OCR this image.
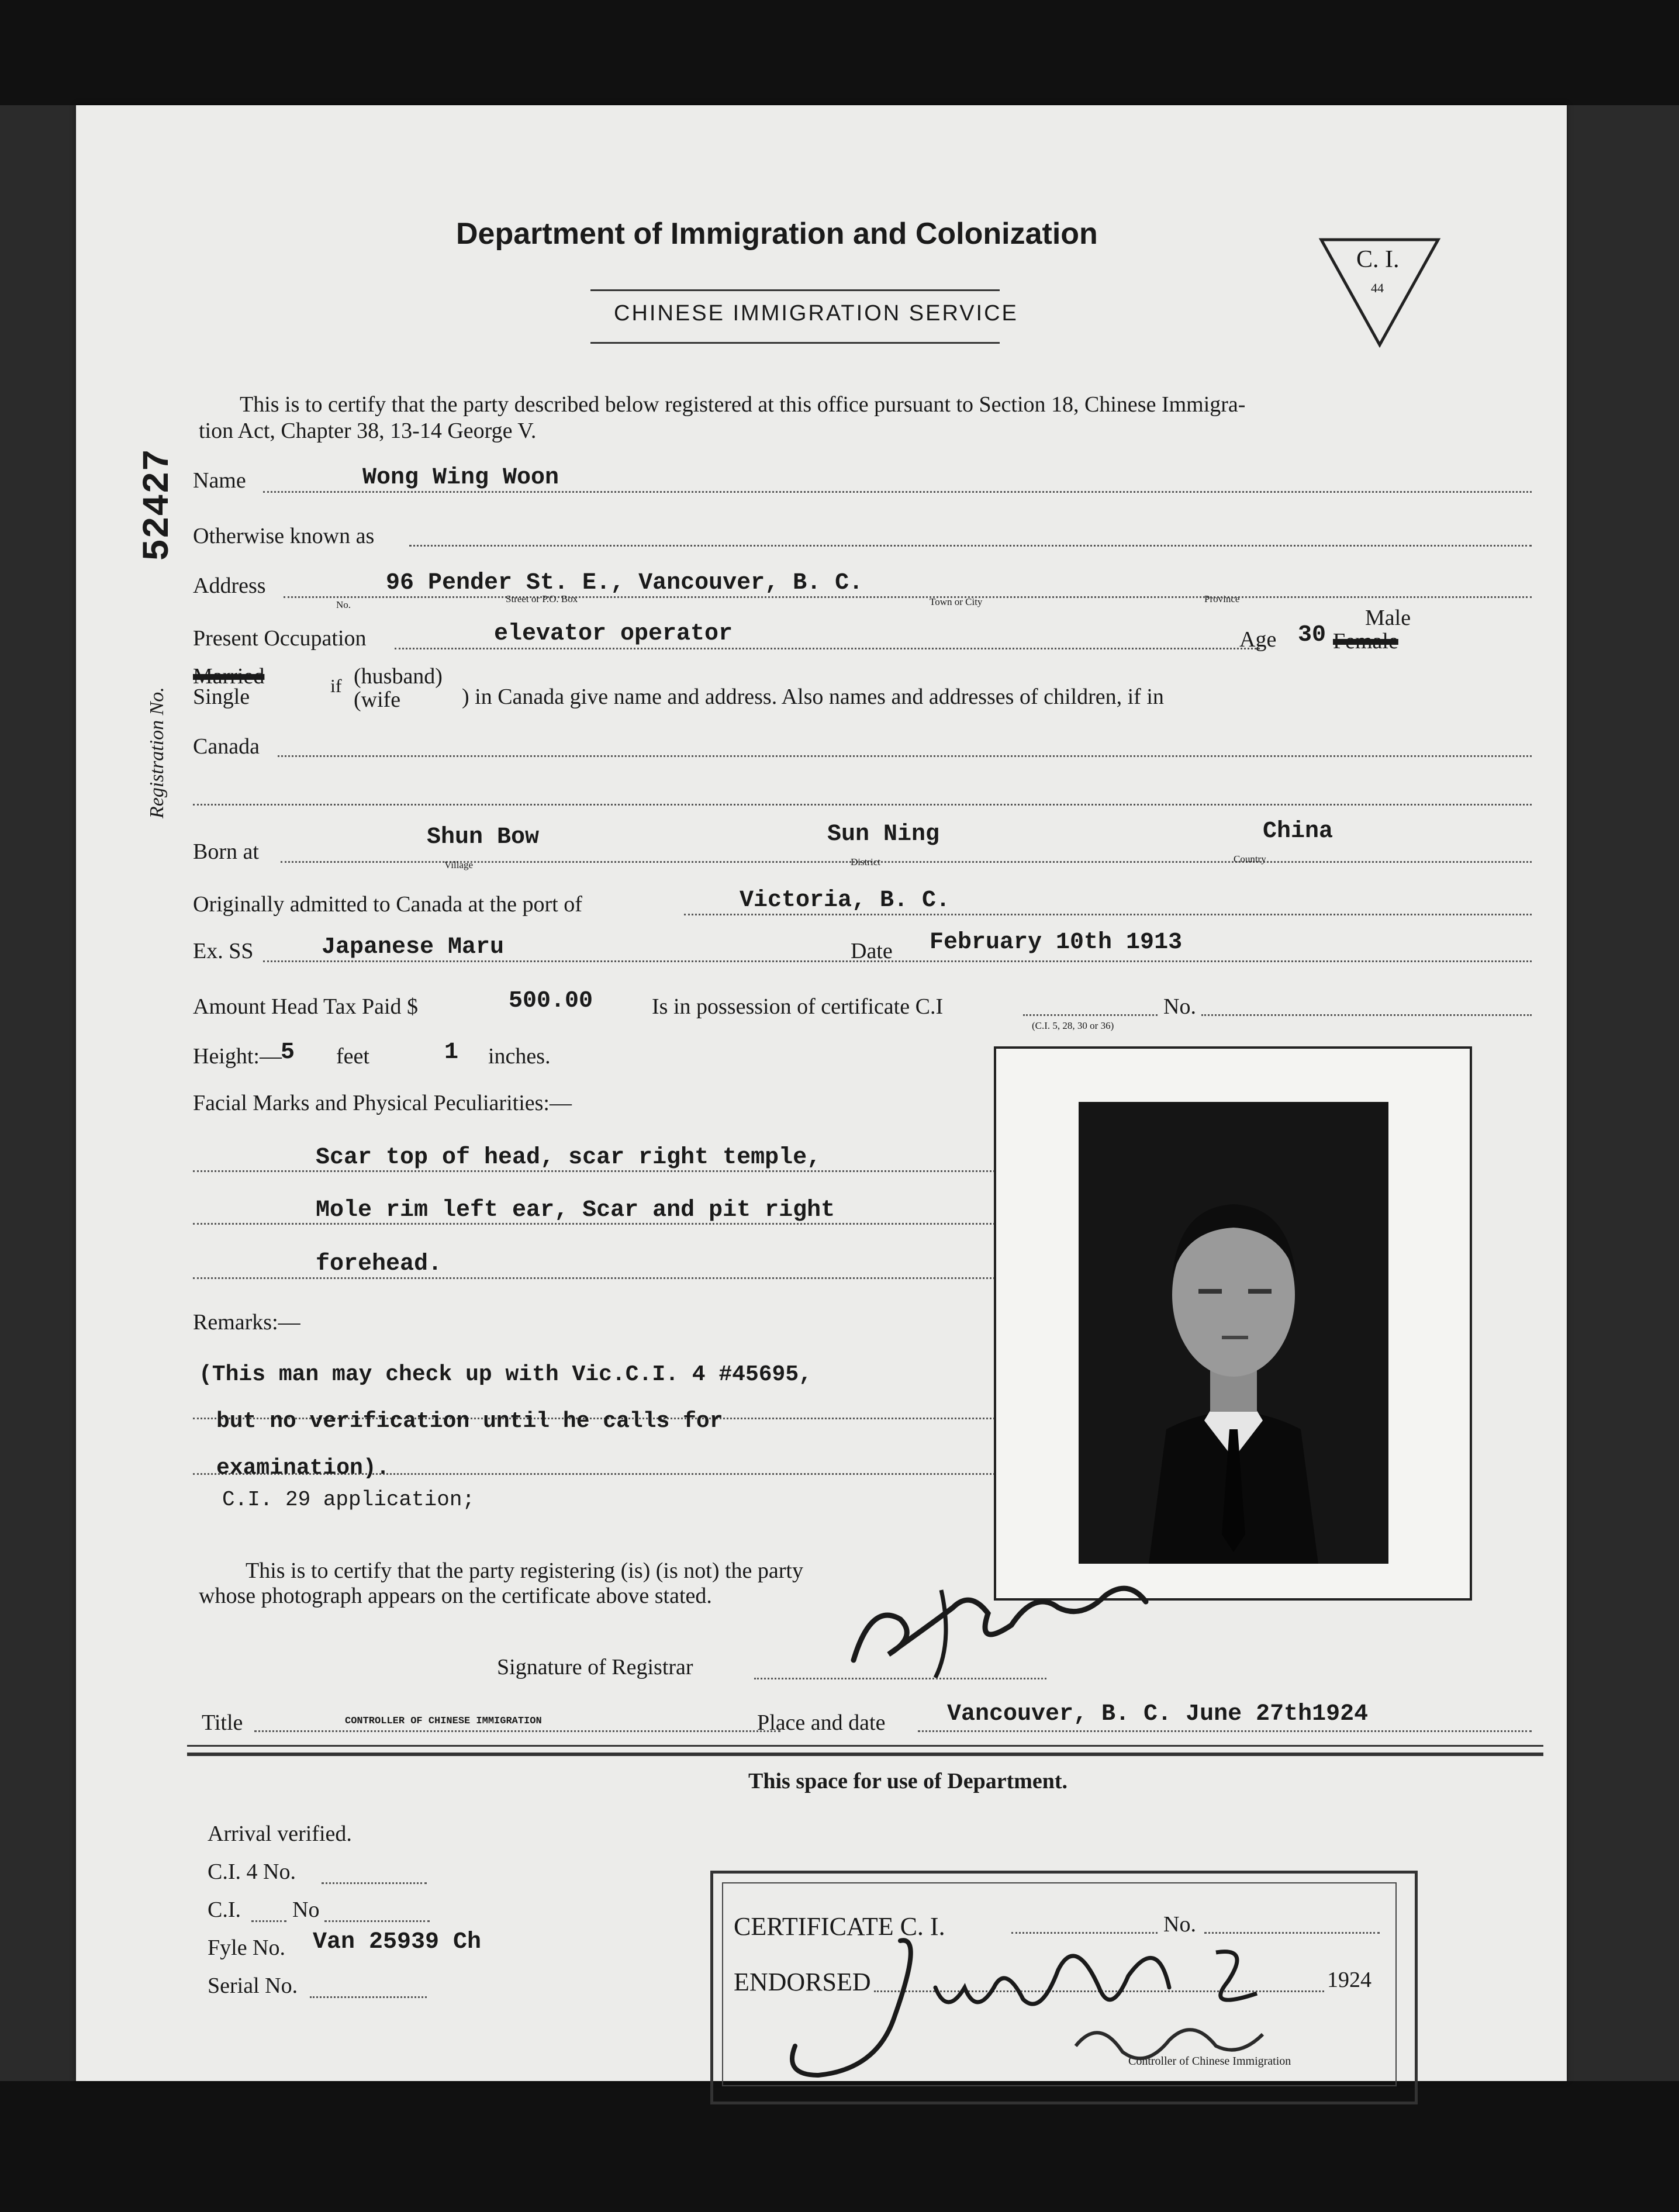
Department of Immigration and Colonization
CHINESE IMMIGRATION SERVICE
C. I.
44
Registration No.
52427
This is to certify that the party described below registered at this office pursuant to Section 18, Chinese Immigra-
tion Act, Chapter 38, 13-14 George V.
Name	Wong Wing Woon
Otherwise known as
Address	96 Pender St. E., Vancouver, B. C.
No.
Street or P.O. Box	Town or City	Province
Present Occupation	elevator operator	Age 30
Male
Female
Married
Single	if (husband)
(wife	) in Canada give name and address. Also names and addresses of children, if in
Canada
Born at
Shun Bow
Village
Sun Ning
District
China
Country
Originally admitted to Canada at the port of	Victoria, B. C.
Ex. SS	Japanese Maru	Date February 10th 1913
Amount Head Tax Paid $	500.00	Is in possession of certificate C.I	No.
(C.I. 5, 28, 30 or 36)
Height:—
5 feet	1 inches.
Facial Marks and Physical Peculiarities:—
Scar top of head, scar right temple,
Mole rim left ear, Scar and pit right
forehead.
Remarks:—
(This man may check up with Vic.C.I. 4 #45695,
but no verification until he calls for
examination).
C.I. 29 application;
This is to certify that the party registering (is) (is not) the party
whose photograph appears on the certificate above stated.
Signature of Registrar
Title	CONTROLLER OF CHINESE IMMIGRATION	Place and date	Vancouver, B. C. June 27th1924
This space for use of Department.
Arrival verified.
C.I. 4 No.
C.I. No
Fyle No. Van 25939 Ch
Serial No.
CERTIFICATE C. I.	No.
ENDORSED	1924
Controller of Chinese Immigration
